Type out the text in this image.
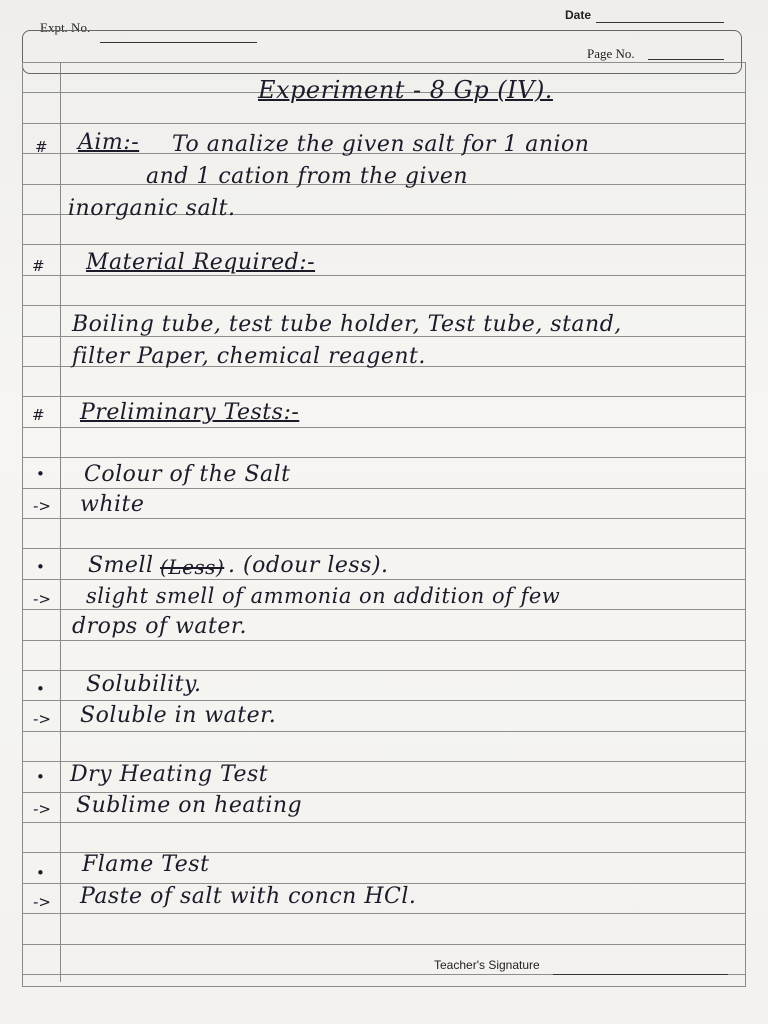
Date
Expt. No.
Page No.
Experiment - 8 Gp (IV).
# Aim:- To analize the given salt for 1 anion
and 1 cation from the given
inorganic salt.
# Material Required:-
Boiling tube, test tube holder, Test tube, stand,
filter Paper, chemical reagent.
# Preliminary Tests:-
• Colour of the Salt
-> white
• Smell (Less) . (odour less).
-> slight smell of ammonia on addition of few
drops of water.
• Solubility.
-> Soluble in water.
• Dry Heating Test
-> Sublime on heating
• Flame Test
-> Paste of salt with concn HCl.
Teacher's Signature
